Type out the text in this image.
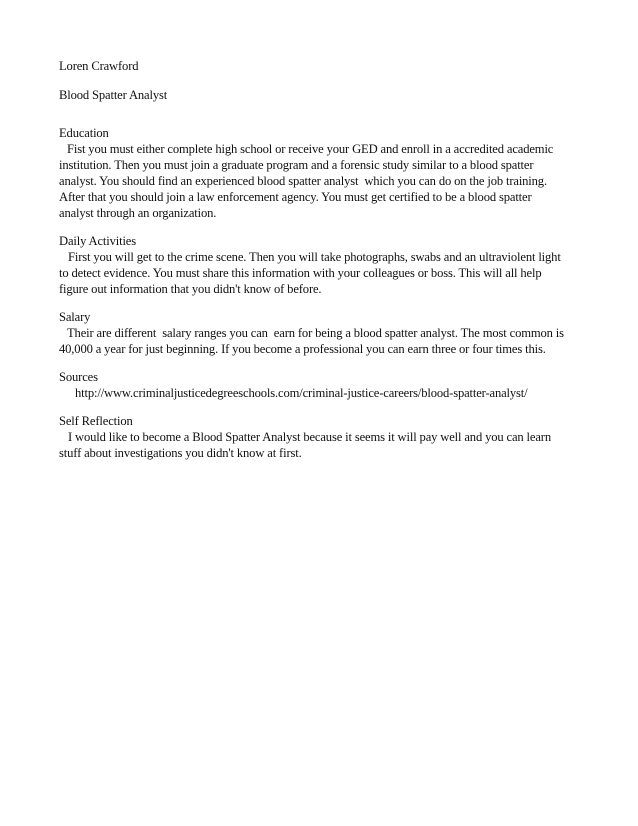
Loren Crawford
Blood Spatter Analyst
Education
Fist you must either complete high school or receive your GED and enroll in a accredited academic
institution. Then you must join a graduate program and a forensic study similar to a blood spatter
analyst. You should find an experienced blood spatter analyst  which you can do on the job training.
After that you should join a law enforcement agency. You must get certified to be a blood spatter
analyst through an organization.
Daily Activities
First you will get to the crime scene. Then you will take photographs, swabs and an ultraviolent light
to detect evidence. You must share this information with your colleagues or boss. This will all help
figure out information that you didn't know of before.
Salary
Their are different  salary ranges you can  earn for being a blood spatter analyst. The most common is
40,000 a year for just beginning. If you become a professional you can earn three or four times this.
Sources
http://www.criminaljusticedegreeschools.com/criminal-justice-careers/blood-spatter-analyst/
Self Reflection
I would like to become a Blood Spatter Analyst because it seems it will pay well and you can learn
stuff about investigations you didn't know at first.
